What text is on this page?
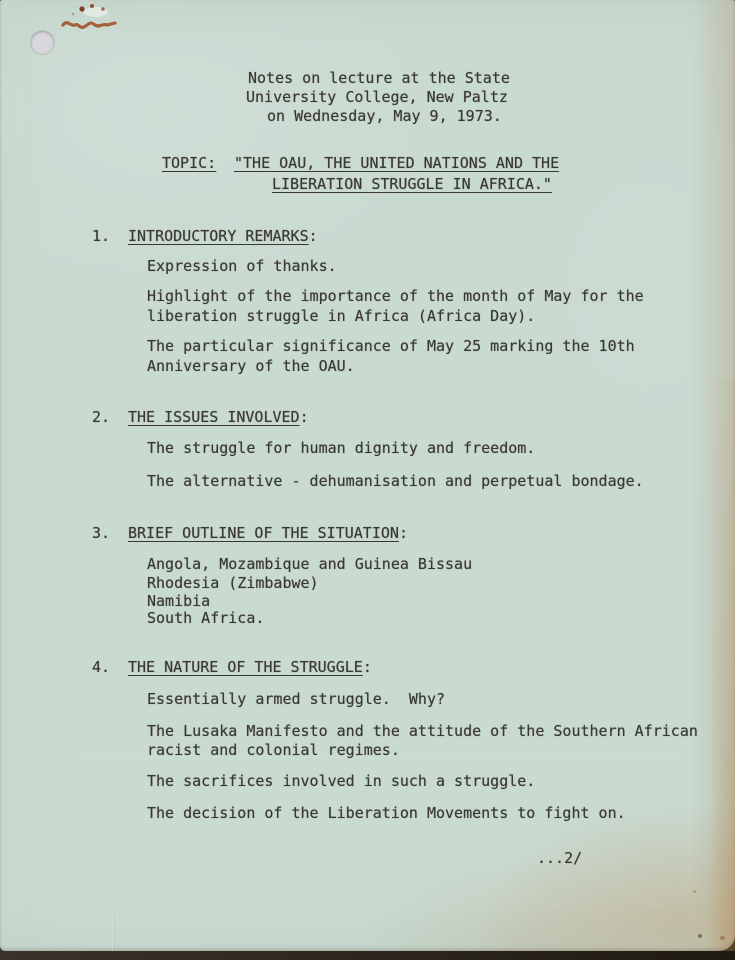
Notes on lecture at the State
University College, New Paltz
on Wednesday, May 9, 1973.
TOPIC: "THE OAU, THE UNITED NATIONS AND THE
LIBERATION STRUGGLE IN AFRICA."
1. INTRODUCTORY REMARKS:
Expression of thanks.
Highlight of the importance of the month of May for the
liberation struggle in Africa (Africa Day).
The particular significance of May 25 marking the 10th
Anniversary of the OAU.
2. THE ISSUES INVOLVED:
The struggle for human dignity and freedom.
The alternative - dehumanisation and perpetual bondage.
3. BRIEF OUTLINE OF THE SITUATION:
Angola, Mozambique and Guinea Bissau
Rhodesia (Zimbabwe)
Namibia
South Africa.
4. THE NATURE OF THE STRUGGLE:
Essentially armed struggle.  Why?
The Lusaka Manifesto and the attitude of the Southern African
racist and colonial regimes.
The sacrifices involved in such a struggle.
The decision of the Liberation Movements to fight on.
...2/
